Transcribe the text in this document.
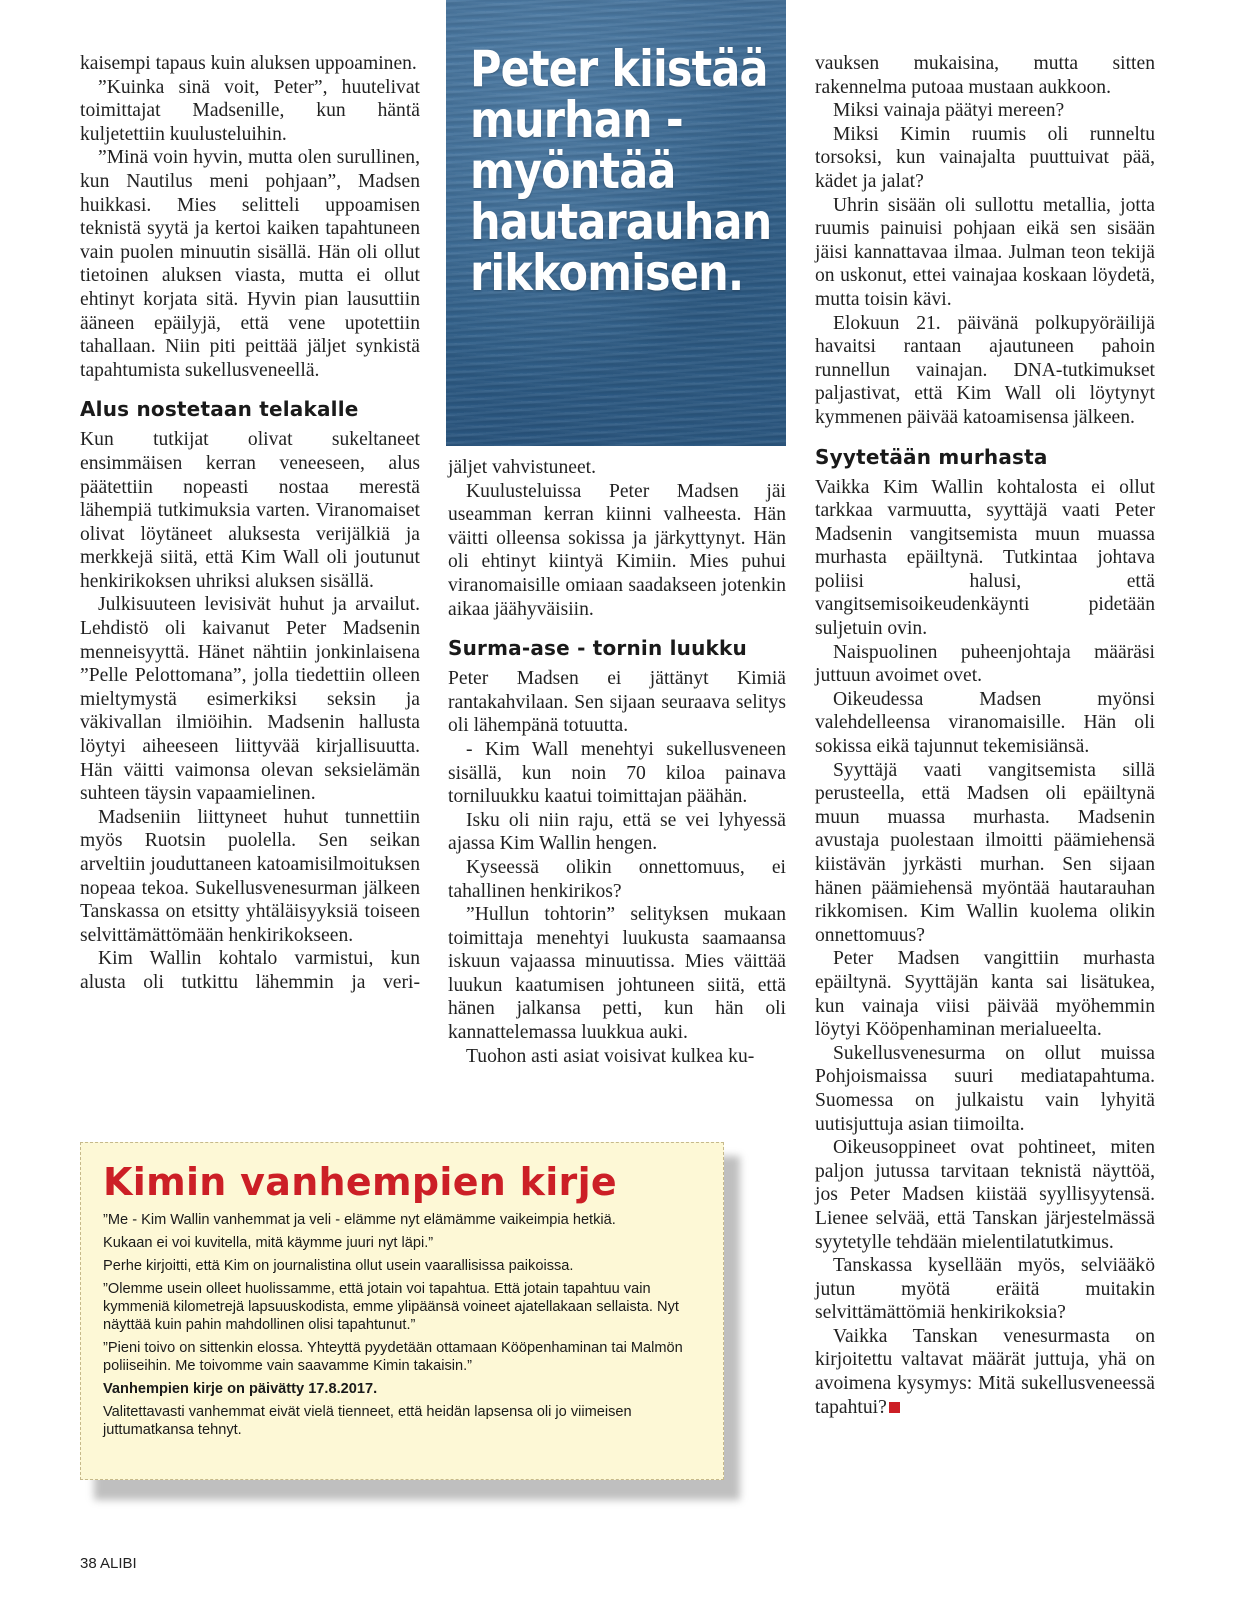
Peter kiistää
murhan -
myöntää
hautarauhan
rikkomisen.

kaisempi tapaus kuin aluksen uppoaminen.

”Kuinka sinä voit, Peter”, huutelivat toimittajat Madsenille, kun häntä kuljetettiin kuulusteluihin.

”Minä voin hyvin, mutta olen surullinen, kun Nautilus meni pohjaan”, Madsen huikkasi. Mies selitteli uppoamisen teknistä syytä ja kertoi kaiken tapahtuneen vain puolen minuutin sisällä. Hän oli ollut tietoinen aluksen viasta, mutta ei ollut ehtinyt korjata sitä. Hyvin pian lausuttiin ääneen epäilyjä, että vene upotettiin tahallaan. Niin piti peittää jäljet synkistä tapahtumista sukellusveneellä.

Alus nostetaan telakalle

Kun tutkijat olivat sukeltaneet ensimmäisen kerran veneeseen, alus päätettiin nopeasti nostaa merestä lähempiä tutkimuksia varten. Viranomaiset olivat löytäneet aluksesta verijälkiä ja merkkejä siitä, että Kim Wall oli joutunut henkirikoksen uhriksi aluksen sisällä.

Julkisuuteen levisivät huhut ja arvailut. Lehdistö oli kaivanut Peter Madsenin menneisyyttä. Hänet nähtiin jonkinlaisena ”Pelle Pelottomana”, jolla tiedettiin olleen mieltymystä esimerkiksi seksin ja väkivallan ilmiöihin. Madsenin hallusta löytyi aiheeseen liittyvää kirjallisuutta. Hän väitti vaimonsa olevan seksielämän suhteen täysin vapaamielinen.

Madseniin liittyneet huhut tunnettiin myös Ruotsin puolella. Sen seikan arveltiin jouduttaneen katoamisilmoituksen nopeaa tekoa. Sukellusvenesurman jälkeen Tanskassa on etsitty yhtäläisyyksiä toiseen selvittämättömään henkirikokseen.

Kim Wallin kohtalo varmistui, kun alusta oli tutkittu lähemmin ja veri-

jäljet vahvistuneet.

Kuulusteluissa Peter Madsen jäi useamman kerran kiinni valheesta. Hän väitti olleensa sokissa ja järkyttynyt. Hän oli ehtinyt kiintyä Kimiin. Mies puhui viranomaisille omiaan saadakseen jotenkin aikaa jäähyväisiin.

Surma-ase - tornin luukku

Peter Madsen ei jättänyt Kimiä rantakahvilaan. Sen sijaan seuraava selitys oli lähempänä totuutta.

- Kim Wall menehtyi sukellusveneen sisällä, kun noin 70 kiloa painava torniluukku kaatui toimittajan päähän.

Isku oli niin raju, että se vei lyhyessä ajassa Kim Wallin hengen.

Kyseessä olikin onnettomuus, ei tahallinen henkirikos?

”Hullun tohtorin” selityksen mukaan toimittaja menehtyi luukusta saamaansa iskuun vajaassa minuutissa. Mies väittää luukun kaatumisen johtuneen siitä, että hänen jalkansa petti, kun hän oli kannattelemassa luukkua auki.

Tuohon asti asiat voisivat kulkea ku-

vauksen mukaisina, mutta sitten rakennelma putoaa mustaan aukkoon.

Miksi vainaja päätyi mereen?

Miksi Kimin ruumis oli runneltu torsoksi, kun vainajalta puuttuivat pää, kädet ja jalat?

Uhrin sisään oli sullottu metallia, jotta ruumis painuisi pohjaan eikä sen sisään jäisi kannattavaa ilmaa. Julman teon tekijä on uskonut, ettei vainajaa koskaan löydetä, mutta toisin kävi.

Elokuun 21. päivänä polkupyöräilijä havaitsi rantaan ajautuneen pahoin runnellun vainajan. DNA-tutkimukset paljastivat, että Kim Wall oli löytynyt kymmenen päivää katoamisensa jälkeen.

Syytetään murhasta

Vaikka Kim Wallin kohtalosta ei ollut tarkkaa varmuutta, syyttäjä vaati Peter Madsenin vangitsemista muun muassa murhasta epäiltynä. Tutkintaa johtava poliisi halusi, että vangitsemisoikeudenkäynti pidetään suljetuin ovin.

Naispuolinen puheenjohtaja määräsi juttuun avoimet ovet.

Oikeudessa Madsen myönsi valehdelleensa viranomaisille. Hän oli sokissa eikä tajunnut tekemisiänsä.

Syyttäjä vaati vangitsemista sillä perusteella, että Madsen oli epäiltynä muun muassa murhasta. Madsenin avustaja puolestaan ilmoitti päämiehensä kiistävän jyrkästi murhan. Sen sijaan hänen päämiehensä myöntää hautarauhan rikkomisen. Kim Wallin kuolema olikin onnettomuus?

Peter Madsen vangittiin murhasta epäiltynä. Syyttäjän kanta sai lisätukea, kun vainaja viisi päivää myöhemmin löytyi Kööpenhaminan merialueelta.

Sukellusvenesurma on ollut muissa Pohjoismaissa suuri mediatapahtuma. Suomessa on julkaistu vain lyhyitä uutisjuttuja asian tiimoilta.

Oikeusoppineet ovat pohtineet, miten paljon jutussa tarvitaan teknistä näyttöä, jos Peter Madsen kiistää syyllisyytensä. Lienee selvää, että Tanskan järjestelmässä syytetylle tehdään mielentilatutkimus.

Tanskassa kysellään myös, selviääkö jutun myötä eräitä muitakin selvittämättömiä henkirikoksia?

Vaikka Tanskan venesurmasta on kirjoitettu valtavat määrät juttuja, yhä on avoimena kysymys: Mitä sukellusveneessä tapahtui?

Kimin vanhempien kirje

”Me - Kim Wallin vanhemmat ja veli - elämme nyt elämämme vaikeimpia hetkiä.

Kukaan ei voi kuvitella, mitä käymme juuri nyt läpi.”

Perhe kirjoitti, että Kim on journalistina ollut usein vaarallisissa paikoissa.

”Olemme usein olleet huolissamme, että jotain voi tapahtua. Että jotain tapahtuu vain kymmeniä kilometrejä lapsuuskodista, emme ylipäänsä voineet ajatellakaan sellaista. Nyt näyttää kuin pahin mahdollinen olisi tapahtunut.”

”Pieni toivo on sittenkin elossa. Yhteyttä pyydetään ottamaan Kööpenhaminan tai Malmön poliiseihin. Me toivomme vain saavamme Kimin takaisin.”

Vanhempien kirje on päivätty 17.8.2017.

Valitettavasti vanhemmat eivät vielä tienneet, että heidän lapsensa oli jo viimeisen juttumatkansa tehnyt.

38 ALIBI
